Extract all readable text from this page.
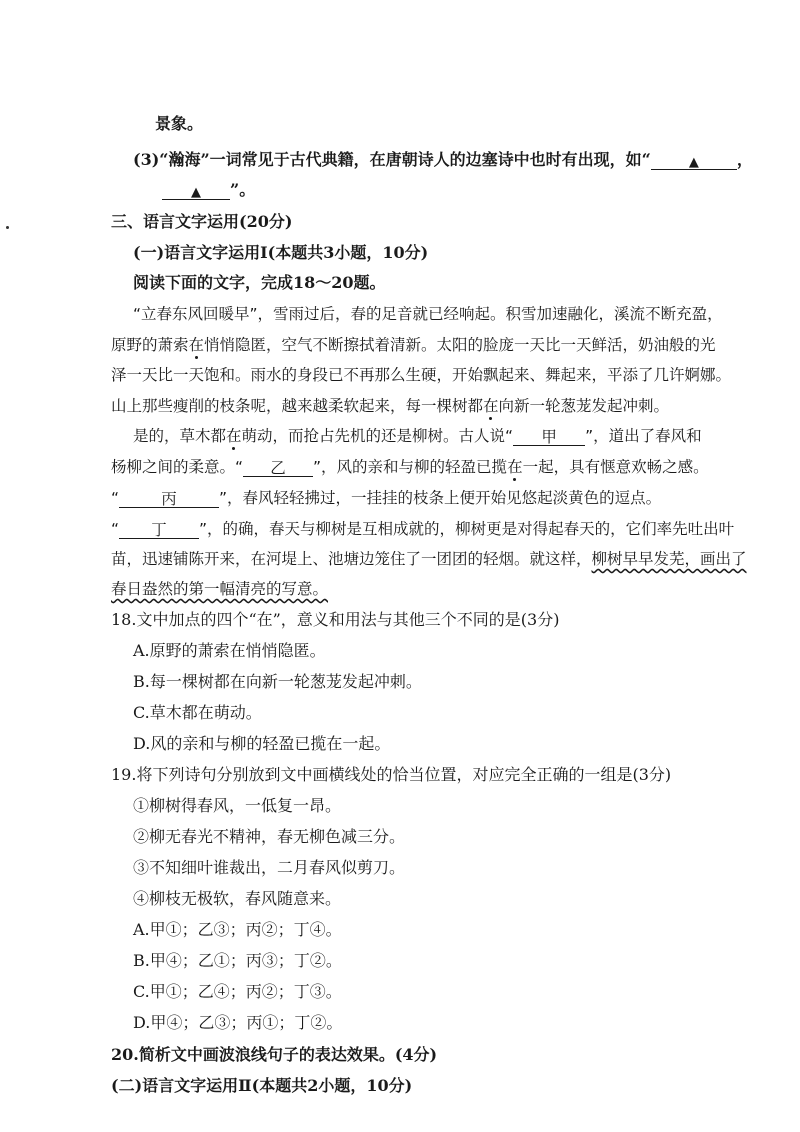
景象。
(3)“瀚海”一词常见于古代典籍，在唐朝诗人的边塞诗中也时有出现，如“	▲ ，
▲ ”。
三、语言文字运用(20分)
(一)语言文字运用Ⅰ(本题共3小题，10分)
阅读下面的文字，完成18～20题。
“立春东风回暖早”，雪雨过后，春的足音就已经响起。积雪加速融化，溪流不断充盈，
原野的萧索在悄悄隐匿，空气不断擦拭着清新。太阳的脸庞一天比一天鲜活，奶油般的光
泽一天比一天饱和。雨水的身段已不再那么生硬，开始飘起来、舞起来，平添了几许婀娜。
山上那些瘦削的枝条呢，越来越柔软起来，每一棵树都在向新一轮葱茏发起冲刺。
是的，草木都在萌动，而抢占先机的还是柳树。古人说“ 甲 ”，道出了春风和
杨柳之间的柔意。“ 乙 ”，风的亲和与柳的轻盈已揽在一起，具有惬意欢畅之感。
“	丙	”，春风轻轻拂过，一挂挂的枝条上便开始见悠起淡黄色的逗点。
“ 丁 ”，的确，春天与柳树是互相成就的，柳树更是对得起春天的，它们率先吐出叶
苗，迅速铺陈开来，在河堤上、池塘边笼住了一团团的轻烟。就这样，柳树早早发芜，画出了
春日盎然的第一幅清亮的写意。
18.文中加点的四个“在”，意义和用法与其他三个不同的是(3分)
A.原野的萧索在悄悄隐匿。
B.每一棵树都在向新一轮葱茏发起冲刺。
C.草木都在萌动。
D.风的亲和与柳的轻盈已揽在一起。
19.将下列诗句分别放到文中画横线处的恰当位置，对应完全正确的一组是(3分)
①柳树得春风，一低复一昂。
②柳无春光不精神，春无柳色减三分。
③不知细叶谁裁出，二月春风似剪刀。
④柳枝无极软，春风随意来。
A.甲①；乙③；丙②；丁④。
B.甲④；乙①；丙③；丁②。
C.甲①；乙④；丙②；丁③。
D.甲④；乙③；丙①；丁②。
20.简析文中画波浪线句子的表达效果。(4分)
(二)语言文字运用Ⅱ(本题共2小题，10分)
